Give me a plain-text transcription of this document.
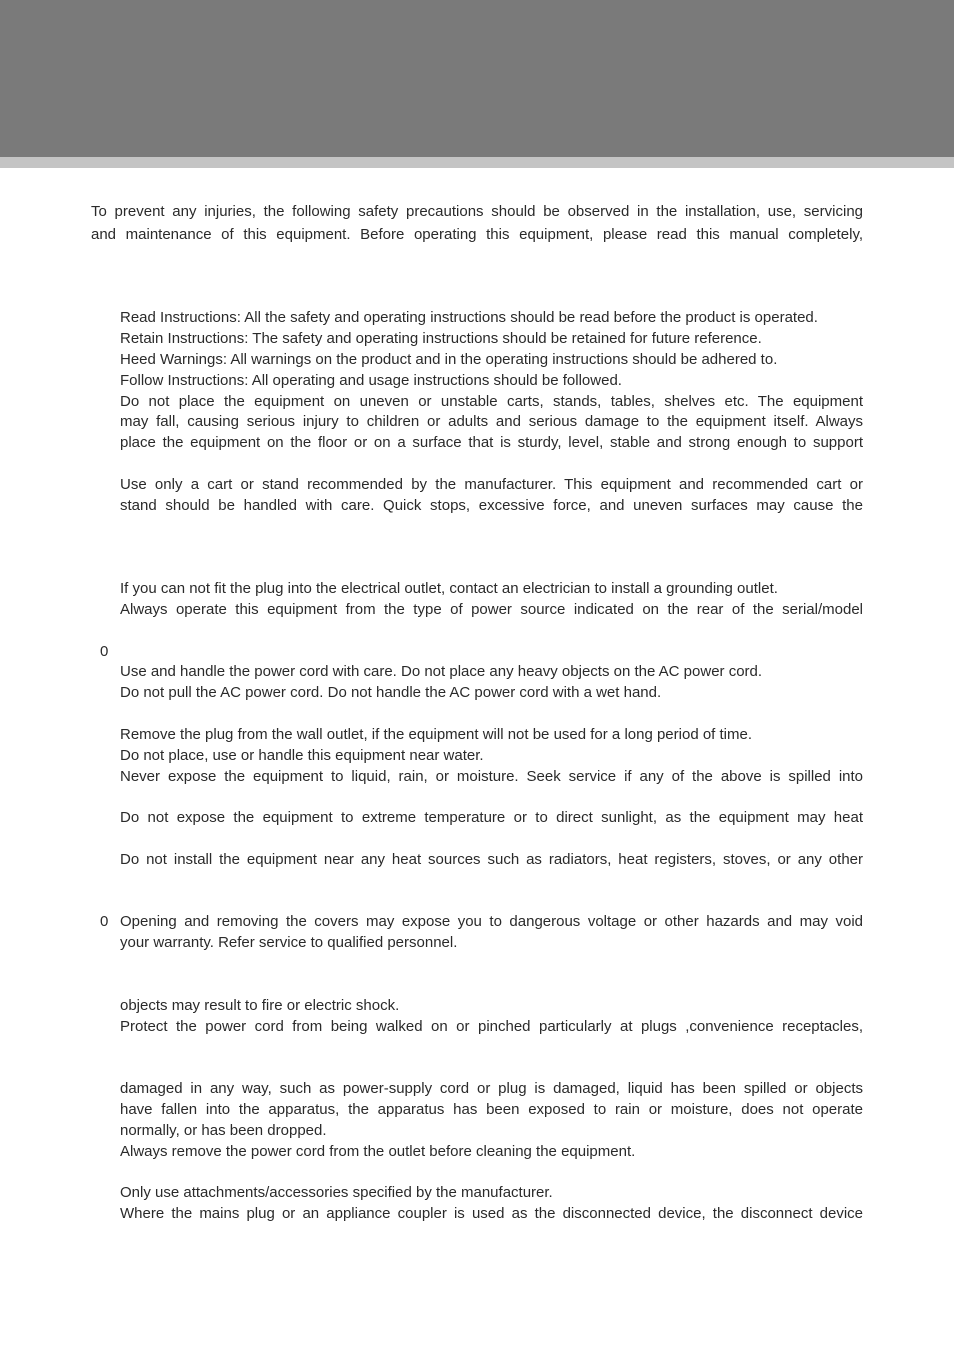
To prevent any injuries, the following safety precautions should be observed in the installation, use, servicing
and maintenance of this equipment. Before operating this equipment, please read this manual completely,
Read Instructions: All the safety and operating instructions should be read before the product is operated.
Retain Instructions: The safety and operating instructions should be retained for future reference.
Heed Warnings: All warnings on the product and in the operating instructions should be adhered to.
Follow Instructions: All operating and usage instructions should be followed.
Do not place the equipment on uneven or unstable carts, stands, tables, shelves etc. The equipment
may fall, causing serious injury to children or adults and serious damage to the equipment itself. Always
place the equipment on the floor or on a surface that is sturdy, level, stable and strong enough to support
Use only a cart or stand recommended by the manufacturer. This equipment and recommended cart or
stand should be handled with care. Quick stops, excessive force, and uneven surfaces may cause the
If you can not fit the plug into the electrical outlet, contact an electrician to install a grounding outlet.
Always operate this equipment from the type of power source indicated on the rear of the serial/model
0
Use and handle the power cord with care. Do not place any heavy objects on the AC power cord.
Do not pull the AC power cord. Do not handle the AC power cord with a wet hand.
Remove the plug from the wall outlet, if the equipment will not be used for a long period of time.
Do not place, use or handle this equipment near water.
Never expose the equipment to liquid, rain, or moisture. Seek service if any of the above is spilled into
Do not expose the equipment to extreme temperature or to direct sunlight, as the equipment may heat
Do not install the equipment near any heat sources such as radiators, heat registers, stoves, or any other
0 Opening and removing the covers may expose you to dangerous voltage or other hazards and may void
your warranty. Refer service to qualified personnel.
objects may result to fire or electric shock.
Protect the power cord from being walked on or pinched particularly at plugs ,convenience receptacles,
damaged in any way, such as power-supply cord or plug is damaged, liquid has been spilled or objects
have fallen into the apparatus, the apparatus has been exposed to rain or moisture, does not operate
normally, or has been dropped.
Always remove the power cord from the outlet before cleaning the equipment.
Only use attachments/accessories specified by the manufacturer.
Where the mains plug or an appliance coupler is used as the disconnected device, the disconnect device
